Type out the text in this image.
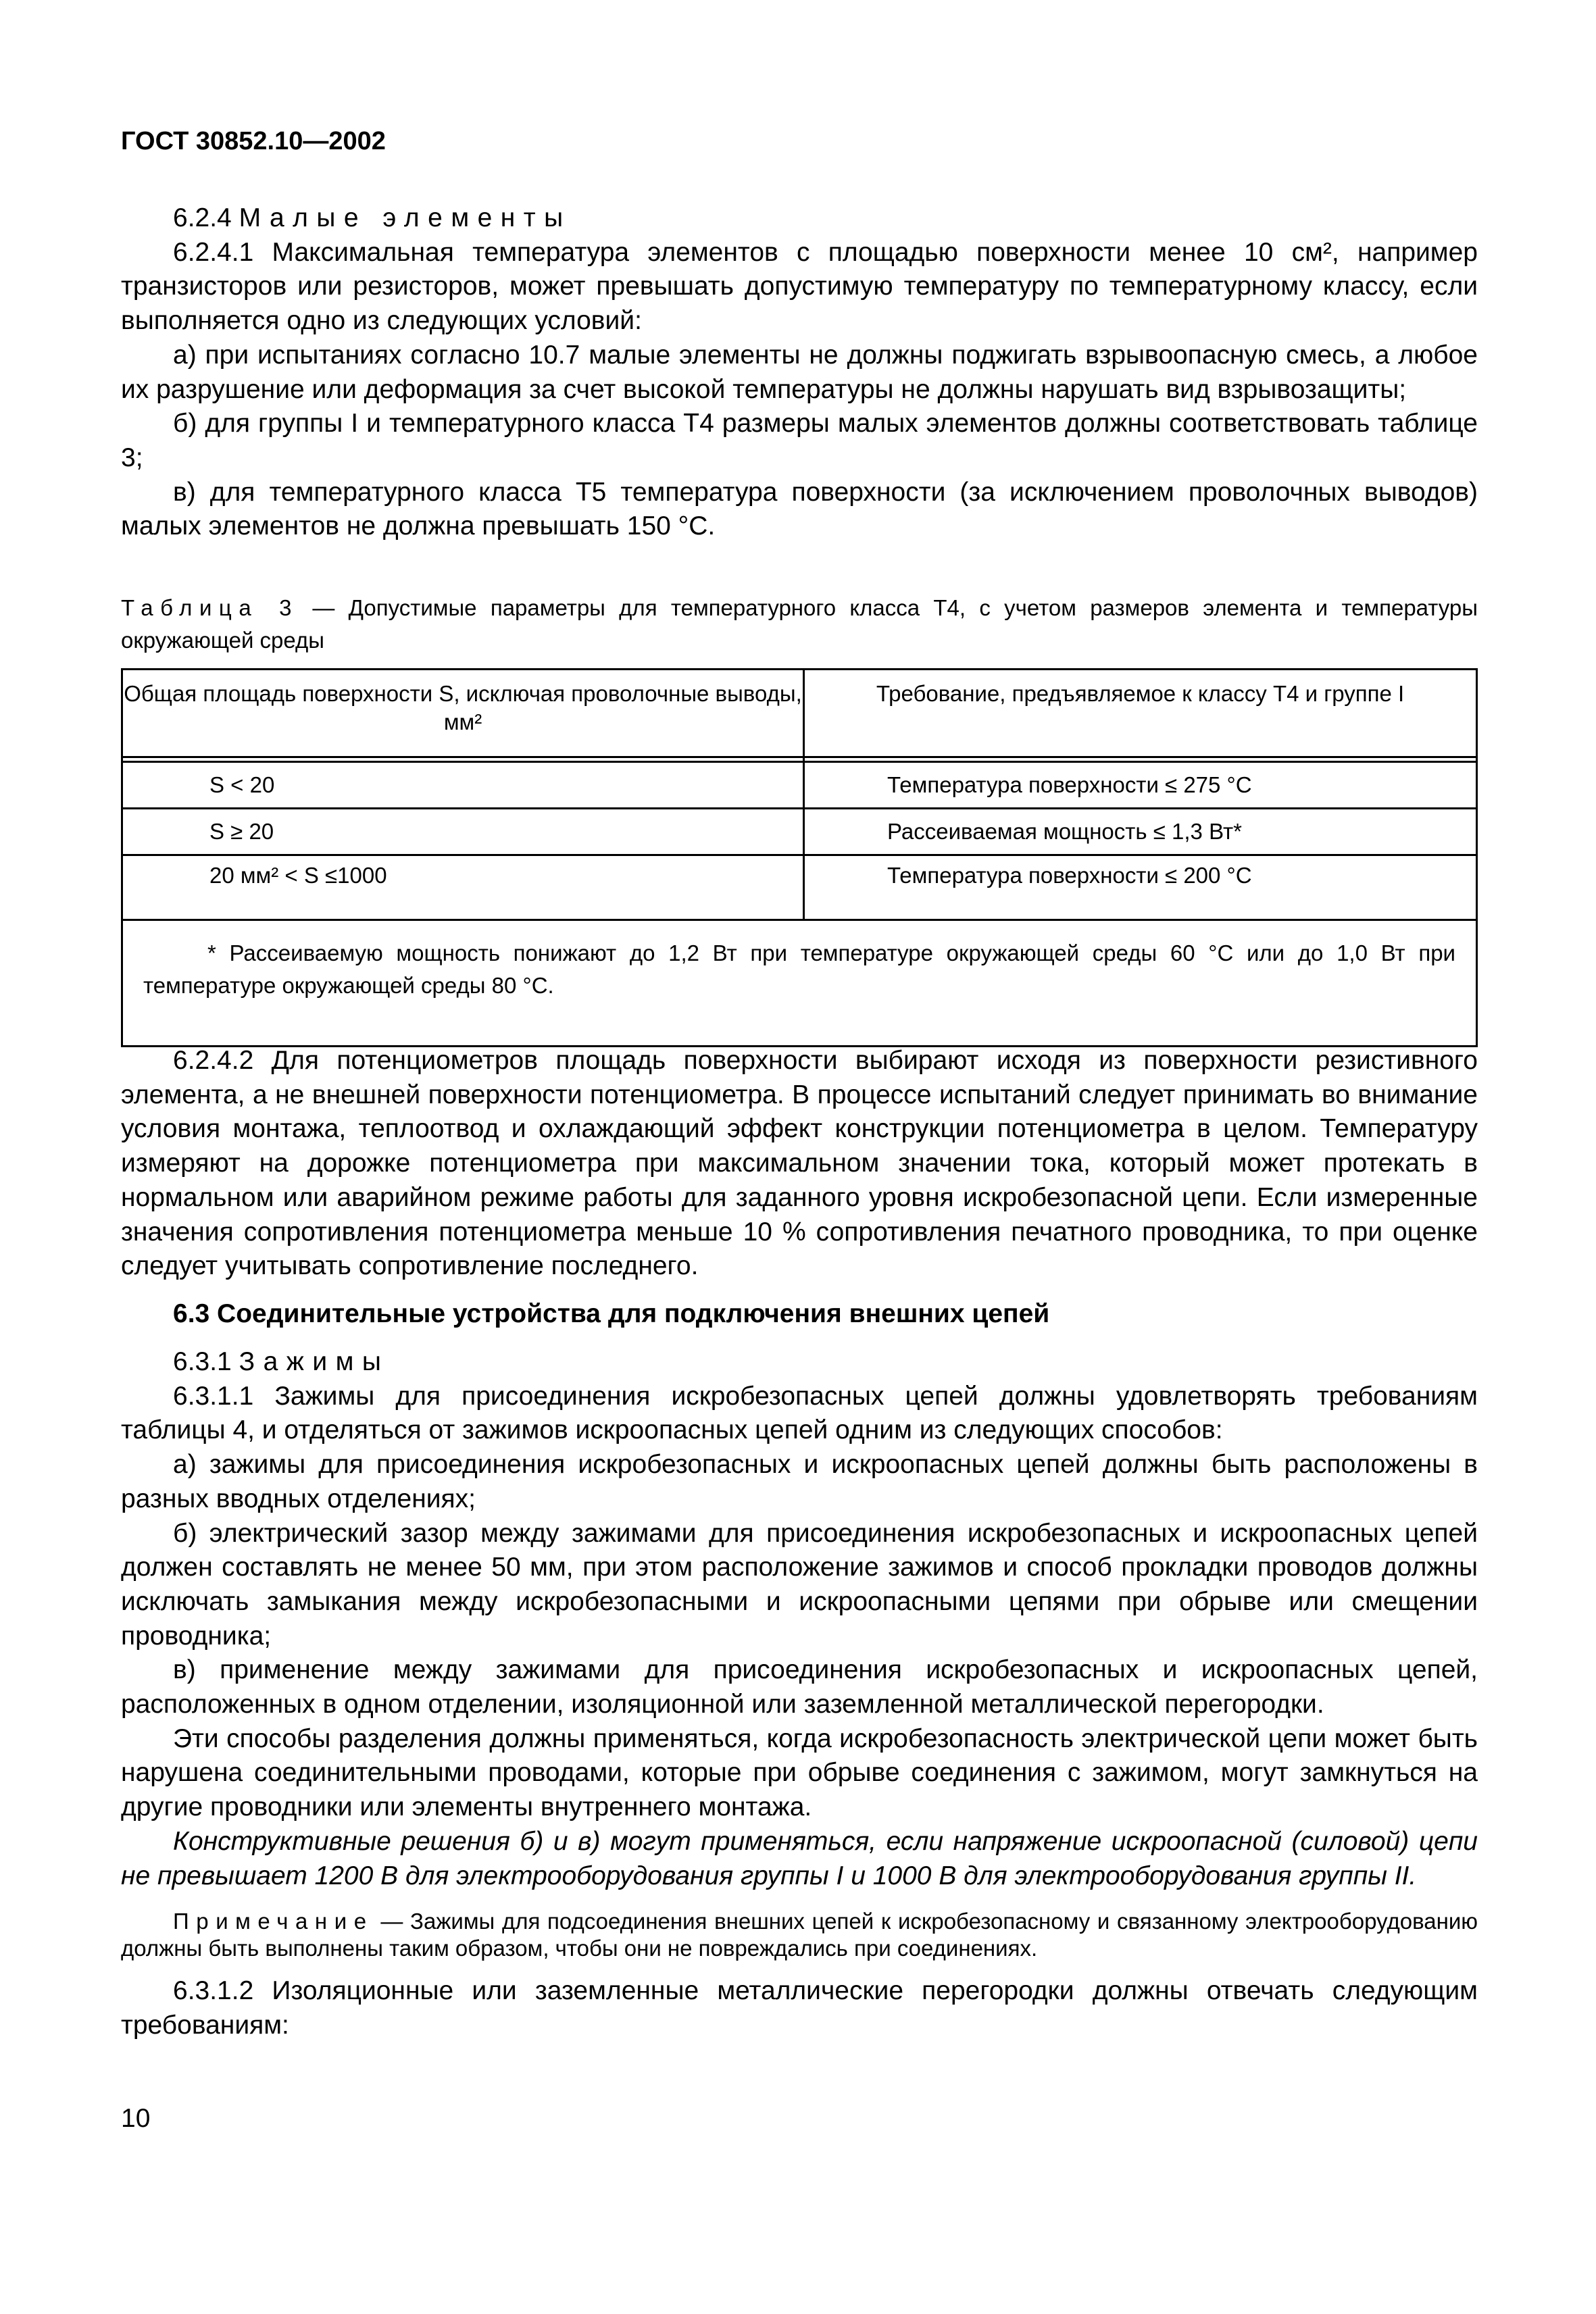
ГОСТ 30852.10—2002

6.2.4 Малые элементы

6.2.4.1 Максимальная температура элементов с площадью поверхности менее 10 см², например транзисторов или резисторов, может превышать допустимую температуру по температурному классу, если выполняется одно из следующих условий:

а) при испытаниях согласно 10.7 малые элементы не должны поджигать взрывоопасную смесь, а любое их разрушение или деформация за счет высокой температуры не должны нарушать вид взрывозащиты;

б) для группы I и температурного класса Т4 размеры малых элементов должны соответствовать таблице 3;

в) для температурного класса Т5 температура поверхности (за исключением проволочных выводов) малых элементов не должна превышать 150 °С.

Таблица 3 — Допустимые параметры для температурного класса Т4, с учетом размеров элемента и температуры окружающей среды
Общая площадь поверхности S, исключая проволочные выводы, мм²	Требование, предъявляемое к классу Т4 и группе I

S < 20	Температура поверхности ≤ 275 °С
S ≥ 20	Рассеиваемая мощность ≤ 1,3 Вт*
20 мм² < S ≤1000	Температура поверхности ≤ 200 °С

* Рассеиваемую мощность понижают до 1,2 Вт при температуре окружающей среды 60 °С или до 1,0 Вт при температуре окружающей среды 80 °С.	

6.2.4.2 Для потенциометров площадь поверхности выбирают исходя из поверхности резистивного элемента, а не внешней поверхности потенциометра. В процессе испытаний следует принимать во внимание условия монтажа, теплоотвод и охлаждающий эффект конструкции потенциометра в целом. Температуру измеряют на дорожке потенциометра при максимальном значении тока, который может протекать в нормальном или аварийном режиме работы для заданного уровня искробезопасной цепи. Если измеренные значения сопротивления потенциометра меньше 10 % сопротивления печатного проводника, то при оценке следует учитывать сопротивление последнего.

6.3 Соединительные устройства для подключения внешних цепей

6.3.1 Зажимы

6.3.1.1 Зажимы для присоединения искробезопасных цепей должны удовлетворять требованиям таблицы 4, и отделяться от зажимов искроопасных цепей одним из следующих способов:

а) зажимы для присоединения искробезопасных и искроопасных цепей должны быть расположены в разных вводных отделениях;

б) электрический зазор между зажимами для присоединения искробезопасных и искроопасных цепей должен составлять не менее 50 мм, при этом расположение зажимов и способ прокладки проводов должны исключать замыкания между искробезопасными и искроопасными цепями при обрыве или смещении проводника;

в) применение между зажимами для присоединения искробезопасных и искроопасных цепей, расположенных в одном отделении, изоляционной или заземленной металлической перегородки.

Эти способы разделения должны применяться, когда искробезопасность электрической цепи может быть нарушена соединительными проводами, которые при обрыве соединения с зажимом, могут замкнуться на другие проводники или элементы внутреннего монтажа.

Конструктивные решения б) и в) могут применяться, если напряжение искроопасной (силовой) цепи не превышает 1200 В для электрооборудования группы I и 1000 В для электрооборудования группы II.

Примечание — Зажимы для подсоединения внешних цепей к искробезопасному и связанному электрооборудованию должны быть выполнены таким образом, чтобы они не повреждались при соединениях.

6.3.1.2 Изоляционные или заземленные металлические перегородки должны отвечать следующим требованиям:

10
